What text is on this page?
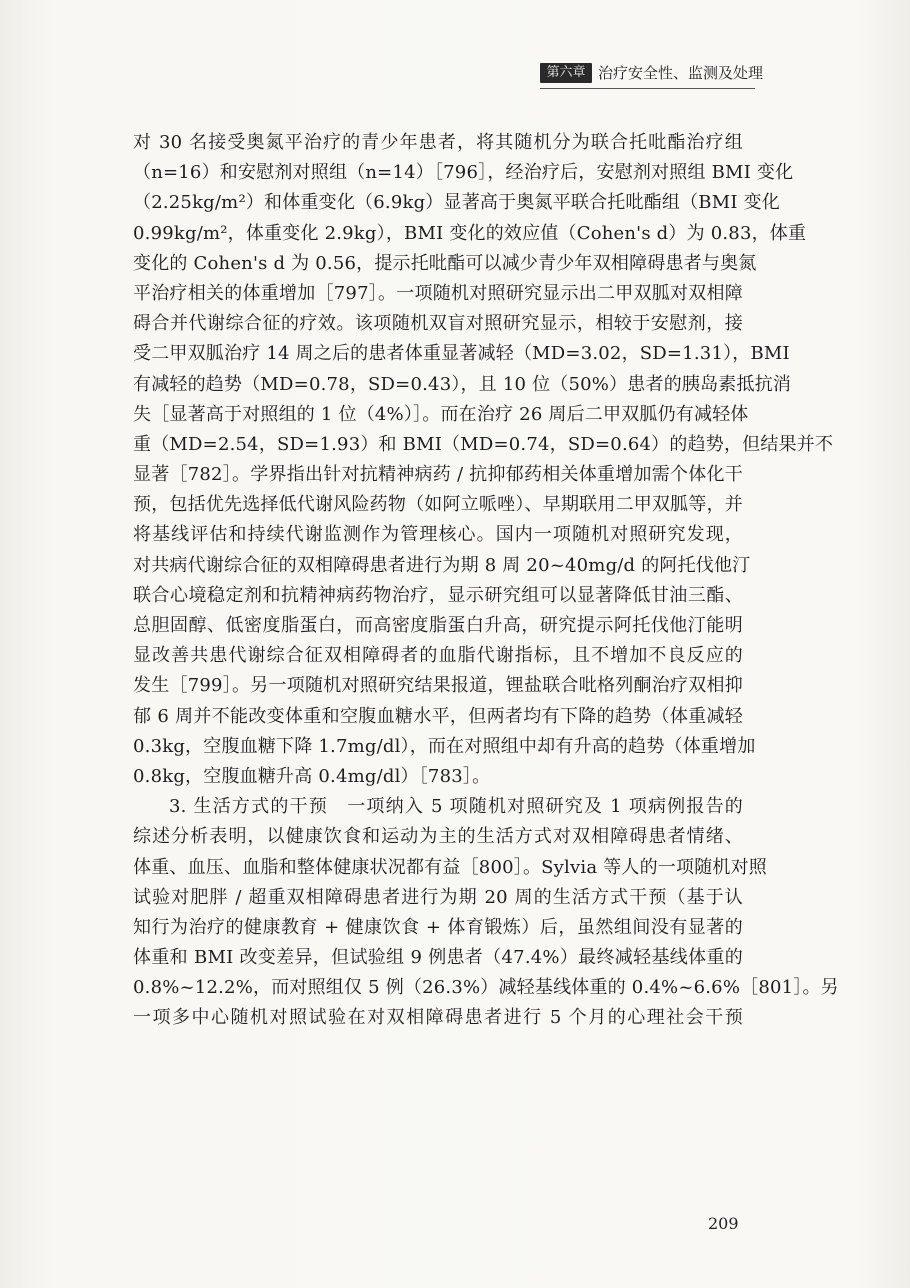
第六章 治疗安全性、监测及处理
对 30 名接受奥氮平治疗的青少年患者，将其随机分为联合托吡酯治疗组
（n=16）和安慰剂对照组（n=14）［796］，经治疗后，安慰剂对照组 BMI 变化
（2.25kg/m²）和体重变化（6.9kg）显著高于奥氮平联合托吡酯组（BMI 变化
0.99kg/m²，体重变化 2.9kg），BMI 变化的效应值（Cohen's d）为 0.83，体重
变化的 Cohen's d 为 0.56，提示托吡酯可以减少青少年双相障碍患者与奥氮
平治疗相关的体重增加［797］。一项随机对照研究显示出二甲双胍对双相障
碍合并代谢综合征的疗效。该项随机双盲对照研究显示，相较于安慰剂，接
受二甲双胍治疗 14 周之后的患者体重显著减轻（MD=3.02，SD=1.31），BMI
有减轻的趋势（MD=0.78，SD=0.43），且 10 位（50%）患者的胰岛素抵抗消
失［显著高于对照组的 1 位（4%）］。而在治疗 26 周后二甲双胍仍有减轻体
重（MD=2.54，SD=1.93）和 BMI（MD=0.74，SD=0.64）的趋势，但结果并不
显著［782］。学界指出针对抗精神病药 / 抗抑郁药相关体重增加需个体化干
预，包括优先选择低代谢风险药物（如阿立哌唑）、早期联用二甲双胍等，并
将基线评估和持续代谢监测作为管理核心。国内一项随机对照研究发现，
对共病代谢综合征的双相障碍患者进行为期 8 周 20~40mg/d 的阿托伐他汀
联合心境稳定剂和抗精神病药物治疗，显示研究组可以显著降低甘油三酯、
总胆固醇、低密度脂蛋白，而高密度脂蛋白升高，研究提示阿托伐他汀能明
显改善共患代谢综合征双相障碍者的血脂代谢指标，且不增加不良反应的
发生［799］。另一项随机对照研究结果报道，锂盐联合吡格列酮治疗双相抑
郁 6 周并不能改变体重和空腹血糖水平，但两者均有下降的趋势（体重减轻
0.3kg，空腹血糖下降 1.7mg/dl），而在对照组中却有升高的趋势（体重增加
0.8kg，空腹血糖升高 0.4mg/dl）［783］。
3. 生活方式的干预　一项纳入 5 项随机对照研究及 1 项病例报告的
综述分析表明，以健康饮食和运动为主的生活方式对双相障碍患者情绪、
体重、血压、血脂和整体健康状况都有益［800］。Sylvia 等人的一项随机对照
试验对肥胖 / 超重双相障碍患者进行为期 20 周的生活方式干预（基于认
知行为治疗的健康教育 + 健康饮食 + 体育锻炼）后，虽然组间没有显著的
体重和 BMI 改变差异，但试验组 9 例患者（47.4%）最终减轻基线体重的
0.8%~12.2%，而对照组仅 5 例（26.3%）减轻基线体重的 0.4%~6.6%［801］。另
一项多中心随机对照试验在对双相障碍患者进行 5 个月的心理社会干预
209
